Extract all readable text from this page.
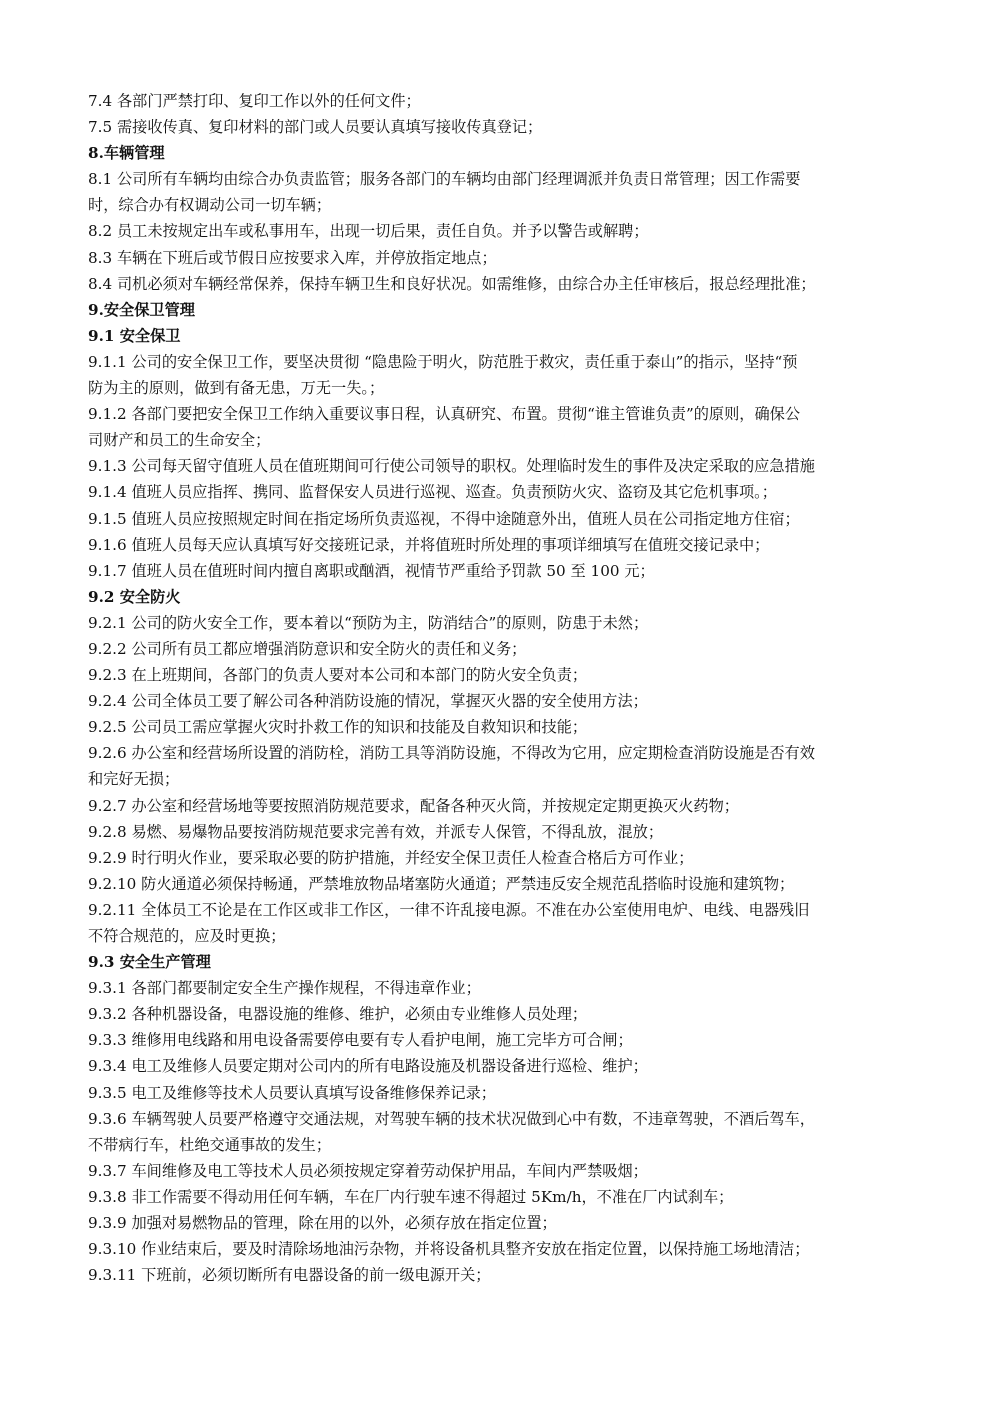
7.4 各部门严禁打印、复印工作以外的任何文件；
7.5 需接收传真、复印材料的部门或人员要认真填写接收传真登记；
8.车辆管理
8.1 公司所有车辆均由综合办负责监管；服务各部门的车辆均由部门经理调派并负责日常管理；因工作需要
时，综合办有权调动公司一切车辆；
8.2 员工未按规定出车或私事用车，出现一切后果，责任自负。并予以警告或解聘；
8.3 车辆在下班后或节假日应按要求入库，并停放指定地点；
8.4 司机必须对车辆经常保养，保持车辆卫生和良好状况。如需维修，由综合办主任审核后，报总经理批准；
9.安全保卫管理
9.1 安全保卫
9.1.1 公司的安全保卫工作，要坚决贯彻 “隐患险于明火，防范胜于救灾，责任重于泰山”的指示，坚持“预
防为主的原则，做到有备无患，万无一失。；
9.1.2 各部门要把安全保卫工作纳入重要议事日程，认真研究、布置。贯彻“谁主管谁负责”的原则，确保公
司财产和员工的生命安全；
9.1.3 公司每天留守值班人员在值班期间可行使公司领导的职权。处理临时发生的事件及决定采取的应急措施
9.1.4 值班人员应指挥、携同、监督保安人员进行巡视、巡查。负责预防火灾、盗窃及其它危机事项。；
9.1.5 值班人员应按照规定时间在指定场所负责巡视，不得中途随意外出，值班人员在公司指定地方住宿；
9.1.6 值班人员每天应认真填写好交接班记录，并将值班时所处理的事项详细填写在值班交接记录中；
9.1.7 值班人员在值班时间内擅自离职或酗酒，视情节严重给予罚款 50 至 100 元；
9.2 安全防火
9.2.1 公司的防火安全工作，要本着以“预防为主，防消结合”的原则，防患于未然；
9.2.2 公司所有员工都应增强消防意识和安全防火的责任和义务；
9.2.3 在上班期间，各部门的负责人要对本公司和本部门的防火安全负责；
9.2.4 公司全体员工要了解公司各种消防设施的情况，掌握灭火器的安全使用方法；
9.2.5 公司员工需应掌握火灾时扑救工作的知识和技能及自救知识和技能；
9.2.6 办公室和经营场所设置的消防栓，消防工具等消防设施，不得改为它用，应定期检查消防设施是否有效
和完好无损；
9.2.7 办公室和经营场地等要按照消防规范要求，配备各种灭火筒，并按规定定期更换灭火药物；
9.2.8 易燃、易爆物品要按消防规范要求完善有效，并派专人保管，不得乱放，混放；
9.2.9 时行明火作业，要采取必要的防护措施，并经安全保卫责任人检查合格后方可作业；
9.2.10 防火通道必须保持畅通，严禁堆放物品堵塞防火通道；严禁违反安全规范乱搭临时设施和建筑物；
9.2.11 全体员工不论是在工作区或非工作区，一律不许乱接电源。不准在办公室使用电炉、电线、电器残旧
不符合规范的，应及时更换；
9.3 安全生产管理
9.3.1 各部门都要制定安全生产操作规程，不得违章作业；
9.3.2 各种机器设备，电器设施的维修、维护，必须由专业维修人员处理；
9.3.3 维修用电线路和用电设备需要停电要有专人看护电闸，施工完毕方可合闸；
9.3.4 电工及维修人员要定期对公司内的所有电路设施及机器设备进行巡检、维护；
9.3.5 电工及维修等技术人员要认真填写设备维修保养记录；
9.3.6 车辆驾驶人员要严格遵守交通法规，对驾驶车辆的技术状况做到心中有数，不违章驾驶，不酒后驾车，
不带病行车，杜绝交通事故的发生；
9.3.7 车间维修及电工等技术人员必须按规定穿着劳动保护用品，车间内严禁吸烟；
9.3.8 非工作需要不得动用任何车辆，车在厂内行驶车速不得超过 5Km/h，不准在厂内试刹车；
9.3.9 加强对易燃物品的管理，除在用的以外，必须存放在指定位置；
9.3.10 作业结束后，要及时清除场地油污杂物，并将设备机具整齐安放在指定位置，以保持施工场地清洁；
9.3.11 下班前，必须切断所有电器设备的前一级电源开关；
